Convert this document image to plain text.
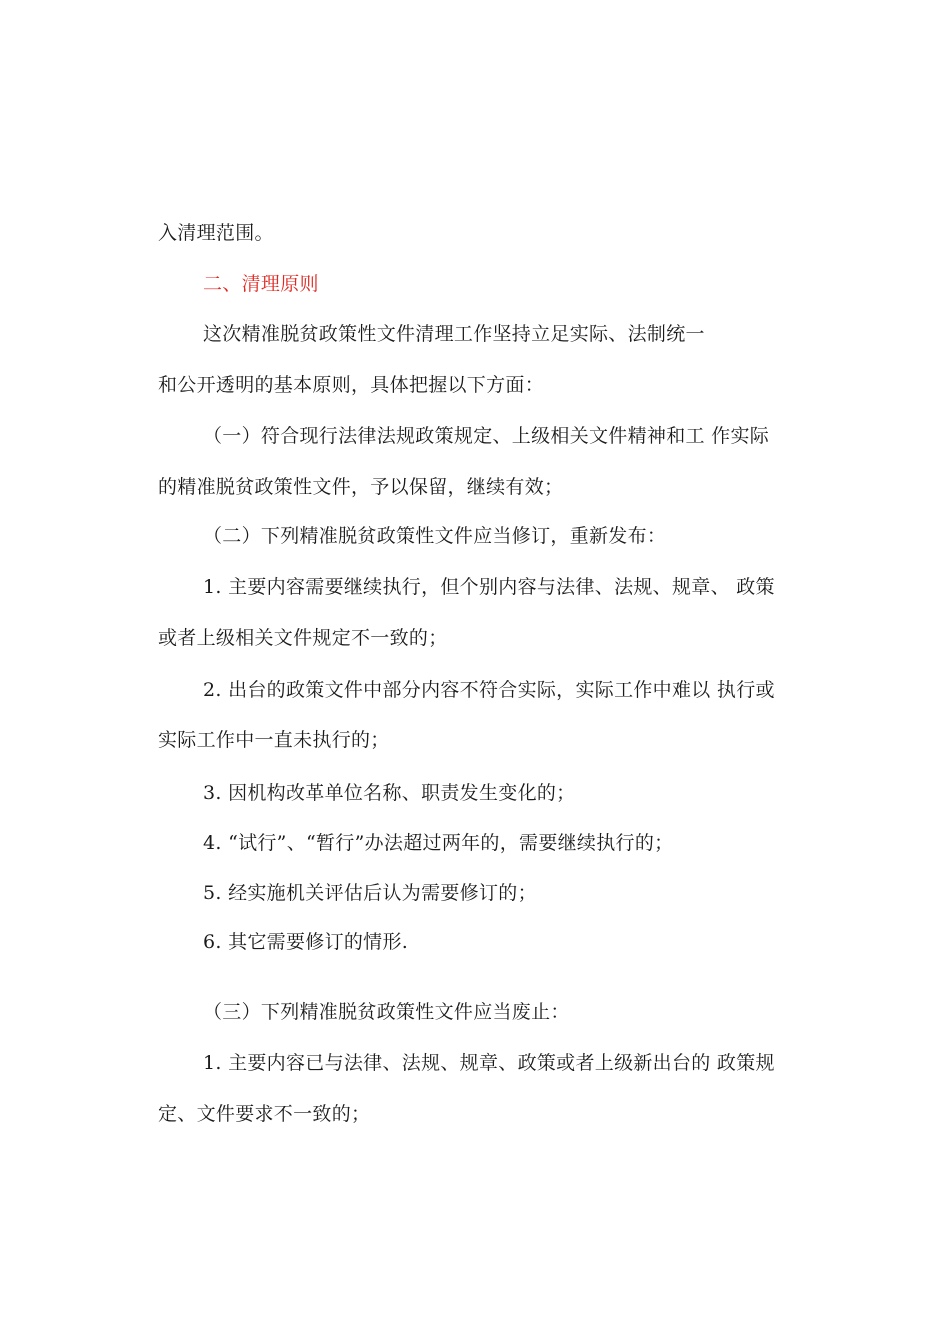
入清理范围。
二、清理原则
这次精准脱贫政策性文件清理工作坚持立足实际、法制统一
和公开透明的基本原则，具体把握以下方面：
（一）符合现行法律法规政策规定、上级相关文件精神和工 作实际
的精准脱贫政策性文件，予以保留，继续有效；
（二）下列精准脱贫政策性文件应当修订，重新发布：
1. 主要内容需要继续执行，但个别内容与法律、法规、规章、 政策
或者上级相关文件规定不一致的；
2. 出台的政策文件中部分内容不符合实际，实际工作中难以 执行或
实际工作中一直未执行的；
3. 因机构改革单位名称、职责发生变化的；
4. “试行”、“暂行”办法超过两年的，需要继续执行的；
5. 经实施机关评估后认为需要修订的；
6. 其它需要修订的情形.
（三）下列精准脱贫政策性文件应当废止：
1. 主要内容已与法律、法规、规章、政策或者上级新出台的 政策规
定、文件要求不一致的；
